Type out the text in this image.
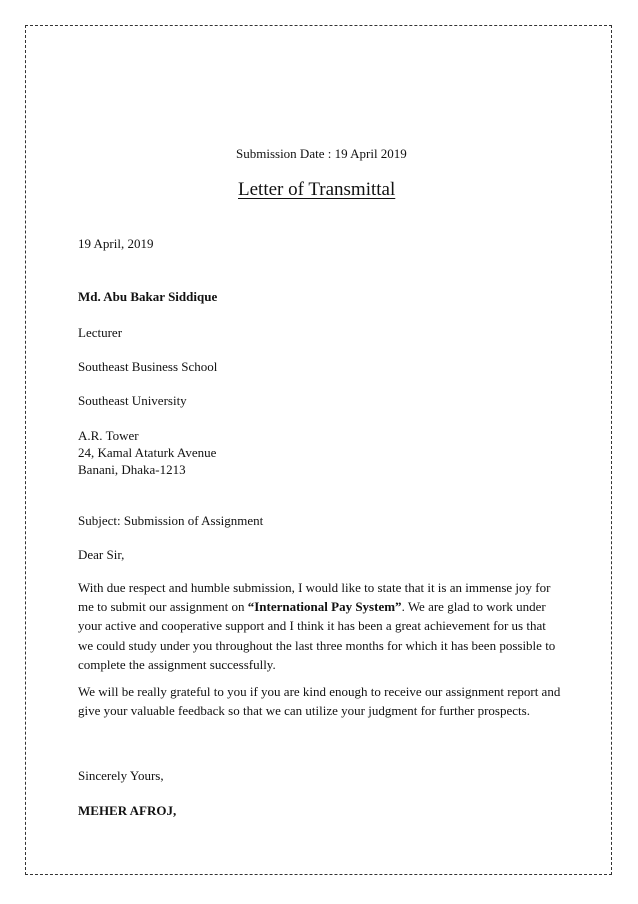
Submission Date : 19 April 2019
Letter of Transmittal
19 April, 2019
Md. Abu Bakar Siddique
Lecturer
Southeast Business School
Southeast University
A.R. Tower
24, Kamal Ataturk Avenue
Banani, Dhaka-1213
Subject: Submission of Assignment
Dear Sir,
With due respect and humble submission, I would like to state that it is an immense joy for me to submit our assignment on “International Pay System”. We are glad to work under your active and cooperative support and I think it has been a great achievement for us that we could study under you throughout the last three months for which it has been possible to complete the assignment successfully.
We will be really grateful to you if you are kind enough to receive our assignment report and give your valuable feedback so that we can utilize your judgment for further prospects.
Sincerely Yours,
MEHER AFROJ,
